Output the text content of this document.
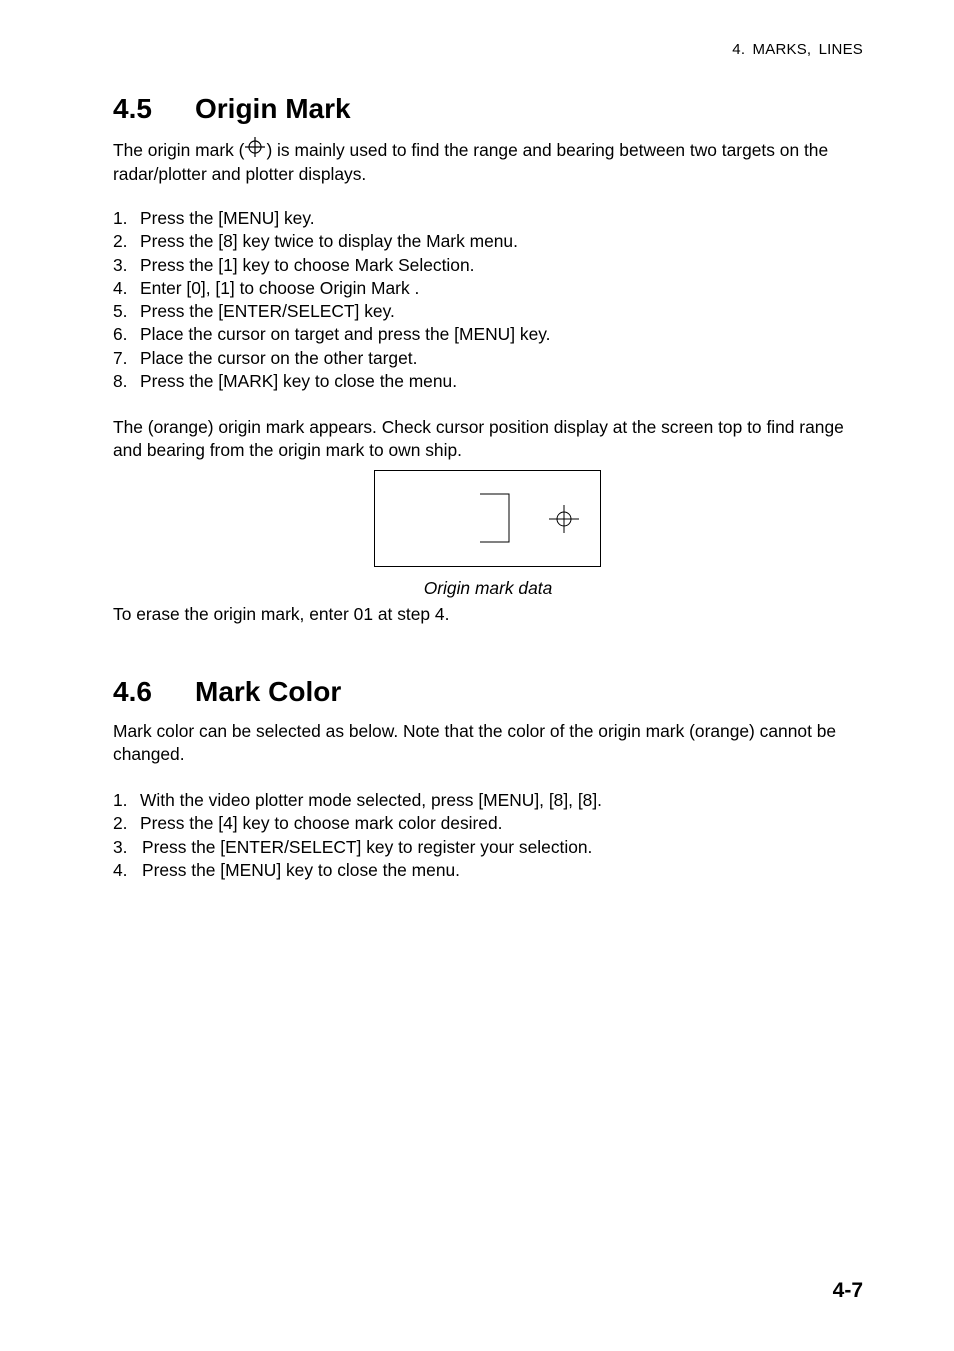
4. MARKS, LINES
4.5 Origin Mark

The origin mark ( ) is mainly used to find the range and bearing between two targets on the radar/plotter and plotter displays.

1. Press the [MENU] key.
2. Press the [8] key twice to display the Mark menu.
3. Press the [1] key to choose Mark Selection.
4. Enter [0], [1] to choose Origin Mark .
5. Press the [ENTER/SELECT] key.
6. Place the cursor on target and press the [MENU] key.
7. Place the cursor on the other target.
8. Press the [MARK] key to close the menu.

The (orange) origin mark appears. Check cursor position display at the screen top to find range and bearing from the origin mark to own ship.

Origin mark data

To erase the origin mark, enter 01 at step 4.

4.6 Mark Color

Mark color can be selected as below. Note that the color of the origin mark (orange) cannot be changed.

1. With the video plotter mode selected, press [MENU], [8], [8].
2. Press the [4] key to choose mark color desired.
3. Press the [ENTER/SELECT] key to register your selection.
4. Press the [MENU] key to close the menu.
4-7
